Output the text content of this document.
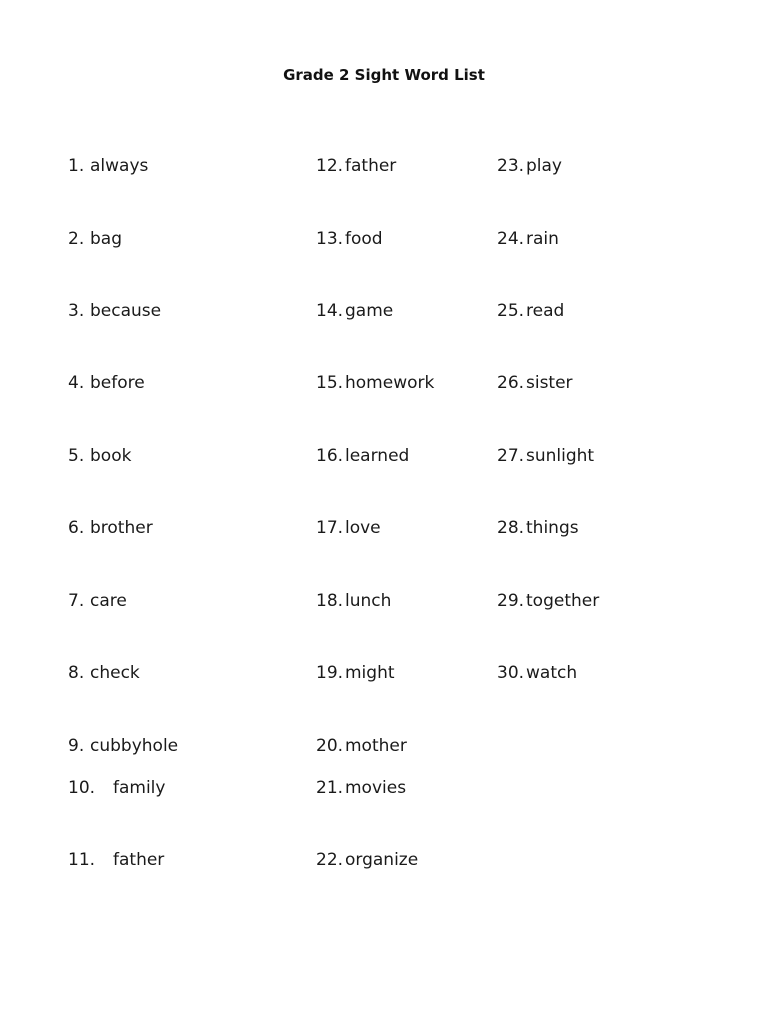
Grade 2 Sight Word List
1. always
2. bag
3. because
4. before
5. book
6. brother
7. care
8. check
9. cubbyhole
10. family
11. father
12. father
13. food
14. game
15. homework
16. learned
17. love
18. lunch
19. might
20. mother
21. movies
22. organize
23. play
24. rain
25. read
26. sister
27. sunlight
28. things
29. together
30. watch
